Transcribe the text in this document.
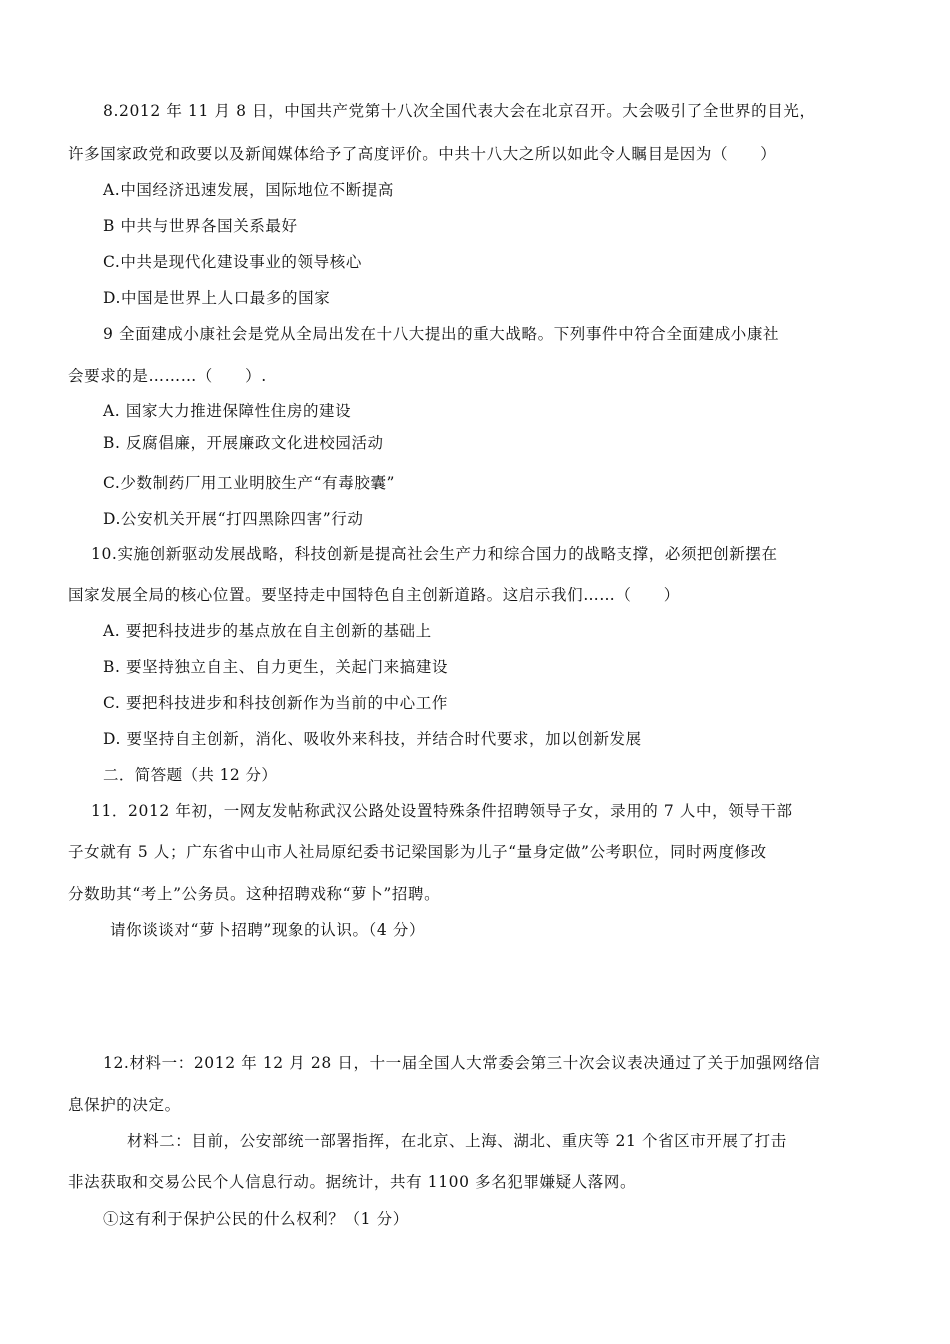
8.2012 年 11 月 8 日，中国共产党第十八次全国代表大会在北京召开。大会吸引了全世界的目光，
许多国家政党和政要以及新闻媒体给予了高度评价。中共十八大之所以如此令人瞩目是因为（　　）
A.中国经济迅速发展，国际地位不断提高
B 中共与世界各国关系最好
C.中共是现代化建设事业的领导核心
D.中国是世界上人口最多的国家
9 全面建成小康社会是党从全局出发在十八大提出的重大战略。下列事件中符合全面建成小康社
会要求的是………（　　）.
A. 国家大力推进保障性住房的建设
B. 反腐倡廉，开展廉政文化进校园活动
C.少数制药厂用工业明胶生产“有毒胶囊”
D.公安机关开展“打四黑除四害”行动
10.实施创新驱动发展战略，科技创新是提高社会生产力和综合国力的战略支撑，必须把创新摆在
国家发展全局的核心位置。要坚持走中国特色自主创新道路。这启示我们……（　　）
A. 要把科技进步的基点放在自主创新的基础上
B. 要坚持独立自主、自力更生，关起门来搞建设
C. 要把科技进步和科技创新作为当前的中心工作
D. 要坚持自主创新，消化、吸收外来科技，并结合时代要求，加以创新发展
二．简答题（共 12 分）
11．2012 年初，一网友发帖称武汉公路处设置特殊条件招聘领导子女，录用的 7 人中，领导干部
子女就有 5 人；广东省中山市人社局原纪委书记梁国影为儿子“量身定做”公考职位，同时两度修改
分数助其“考上”公务员。这种招聘戏称“萝卜”招聘。
请你谈谈对“萝卜招聘”现象的认识。（4 分）
12.材料一：2012 年 12 月 28 日，十一届全国人大常委会第三十次会议表决通过了关于加强网络信
息保护的决定。
材料二：目前，公安部统一部署指挥，在北京、上海、湖北、重庆等 21 个省区市开展了打击
非法获取和交易公民个人信息行动。据统计，共有 1100 多名犯罪嫌疑人落网。
①这有利于保护公民的什么权利？（1 分）
